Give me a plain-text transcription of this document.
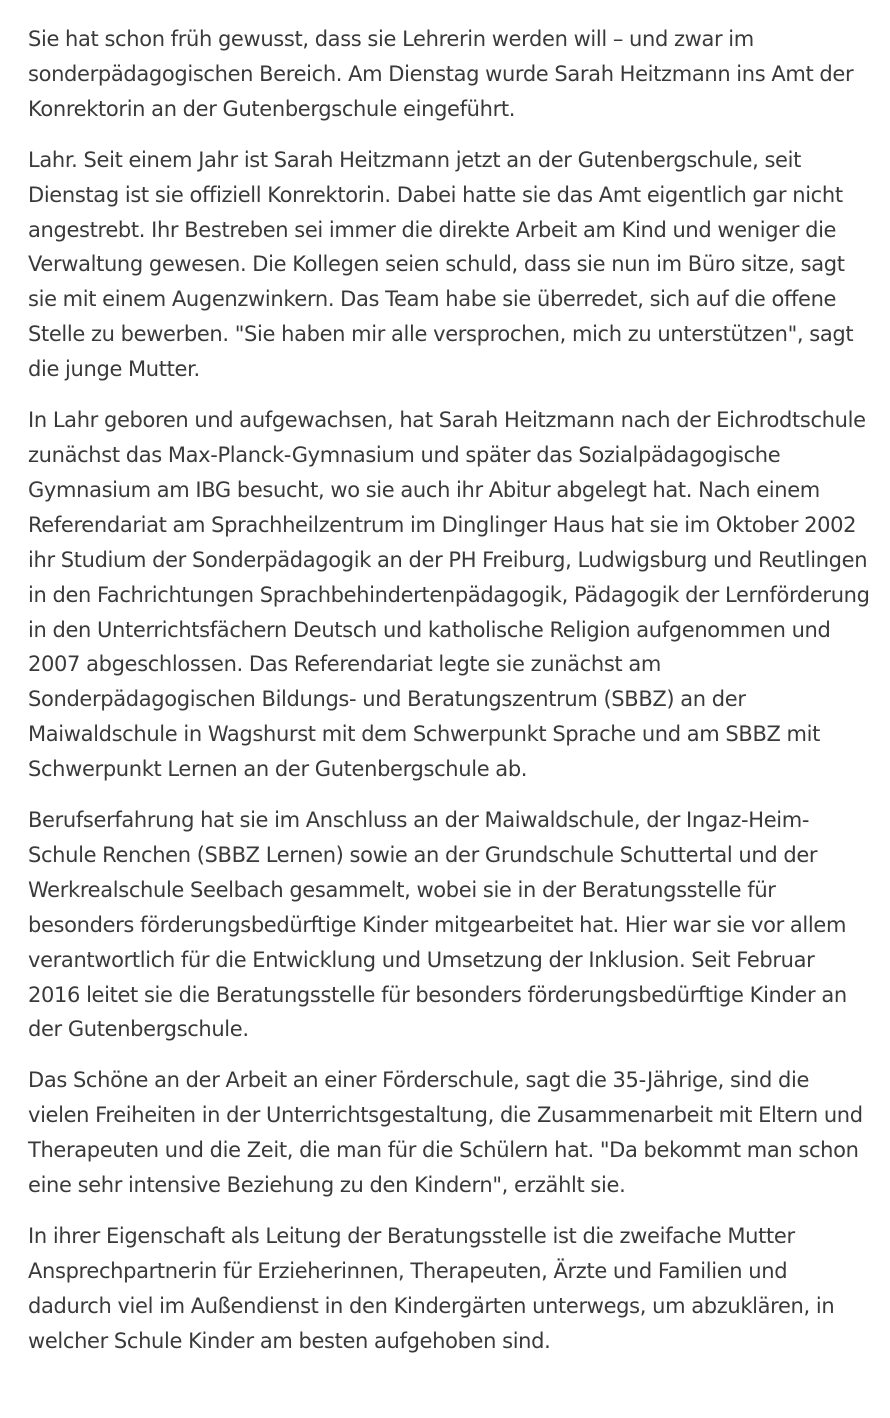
Sie hat schon früh gewusst, dass sie Lehrerin werden will – und zwar im sonderpädagogischen Bereich. Am Dienstag wurde Sarah Heitzmann ins Amt der Konrektorin an der Gutenbergschule eingeführt.

Lahr. Seit einem Jahr ist Sarah Heitzmann jetzt an der Gutenbergschule, seit Dienstag ist sie offiziell Konrektorin. Dabei hatte sie das Amt eigentlich gar nicht angestrebt. Ihr Bestreben sei immer die direkte Arbeit am Kind und weniger die Verwaltung gewesen. Die Kollegen seien schuld, dass sie nun im Büro sitze, sagt sie mit einem Augenzwinkern. Das Team habe sie überredet, sich auf die offene Stelle zu bewerben. "Sie haben mir alle versprochen, mich zu unterstützen", sagt die junge Mutter.

In Lahr geboren und aufgewachsen, hat Sarah Heitzmann nach der Eichrodtschule zunächst das Max-Planck-Gymnasium und später das Sozialpädagogische Gymnasium am IBG besucht, wo sie auch ihr Abitur abgelegt hat. Nach einem Referendariat am Sprachheilzentrum im Dinglinger Haus hat sie im Oktober 2002 ihr Studium der Sonderpädagogik an der PH Freiburg, Ludwigsburg und Reutlingen in den Fachrichtungen Sprachbehindertenpädagogik, Pädagogik der Lernförderung in den Unterrichtsfächern Deutsch und katholische Religion aufgenommen und 2007 abgeschlossen. Das Referendariat legte sie zunächst am Sonderpädagogischen Bildungs- und Beratungszentrum (SBBZ) an der Maiwaldschule in Wagshurst mit dem Schwerpunkt Sprache und am SBBZ mit Schwerpunkt Lernen an der Gutenbergschule ab.

Berufserfahrung hat sie im Anschluss an der Maiwaldschule, der Ingaz-Heim-Schule Renchen (SBBZ Lernen) sowie an der Grundschule Schuttertal und der Werkrealschule Seelbach gesammelt, wobei sie in der Beratungsstelle für besonders förderungsbedürftige Kinder mitgearbeitet hat. Hier war sie vor allem verantwortlich für die Entwicklung und Umsetzung der Inklusion. Seit Februar 2016 leitet sie die Beratungsstelle für besonders förderungsbedürftige Kinder an der Gutenbergschule.

Das Schöne an der Arbeit an einer Förderschule, sagt die 35-Jährige, sind die vielen Freiheiten in der Unterrichtsgestaltung, die Zusammenarbeit mit Eltern und Therapeuten und die Zeit, die man für die Schülern hat. "Da bekommt man schon eine sehr intensive Beziehung zu den Kindern", erzählt sie.

In ihrer Eigenschaft als Leitung der Beratungsstelle ist die zweifache Mutter Ansprechpartnerin für Erzieherinnen, Therapeuten, Ärzte und Familien und dadurch viel im Außendienst in den Kindergärten unterwegs, um abzuklären, in welcher Schule Kinder am besten aufgehoben sind.
